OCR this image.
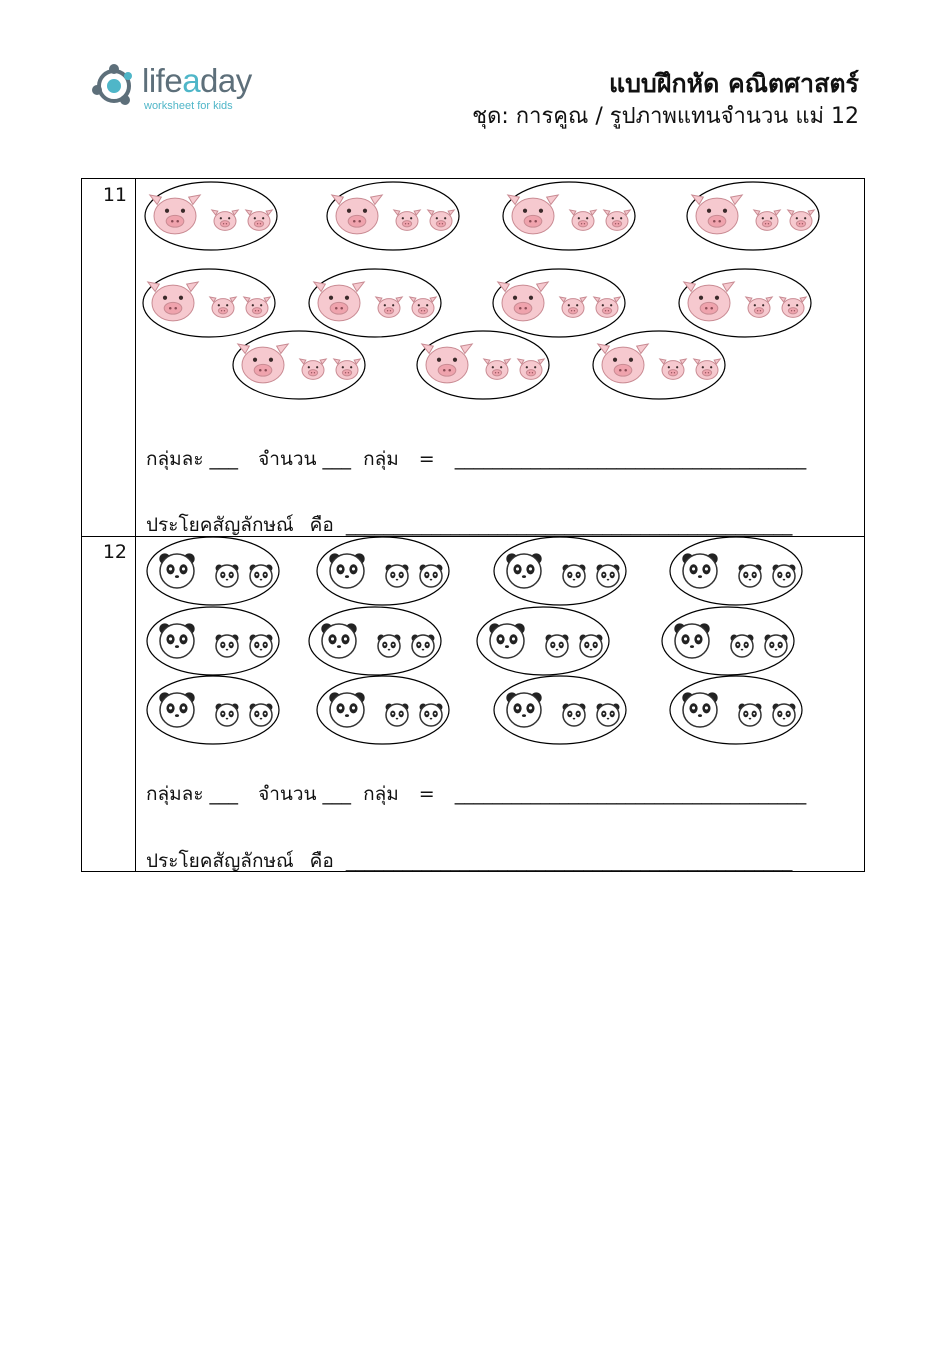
lifeaday
worksheet for kids
แบบฝึกหัด คณิตศาสตร์
ชุด: การคูณ / รูปภาพแทนจำนวน แม่ 12
11
กลุ่มละ ___ จำนวน ___ กลุ่ม = _____________________________________
ประโยคสัญลักษณ์ คือ _______________________________________________
12
กลุ่มละ ___ จำนวน ___ กลุ่ม = _____________________________________
ประโยคสัญลักษณ์ คือ _______________________________________________
